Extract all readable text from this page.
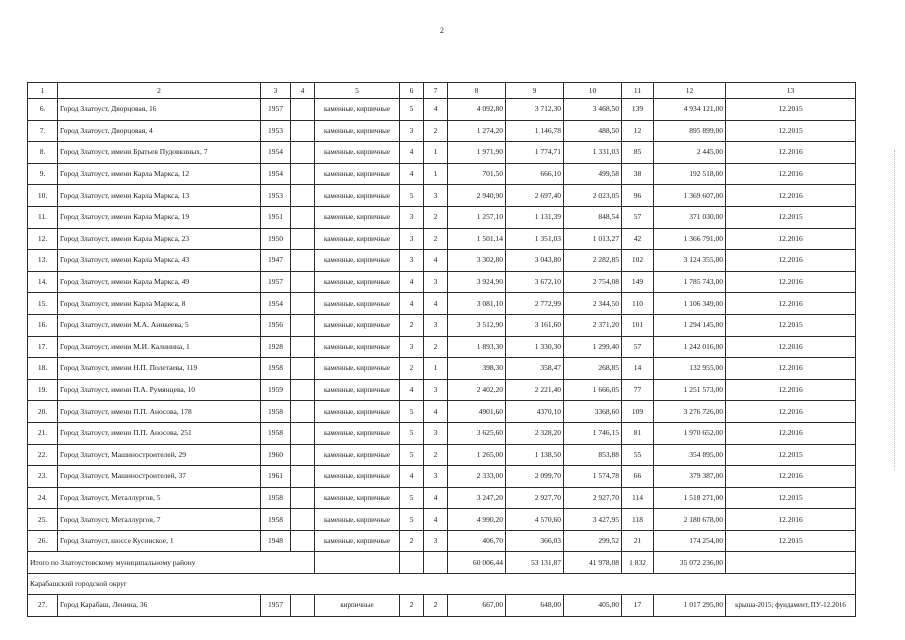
2
1	2	3	4	5	6	7	8	9	10	11	12	13
6.	Город Златоуст, Дворцовая, 16	1957		каменные, кирпичные	5	4	4 092,80	3 712,30	3 468,50	139	4 934 121,00	12.2015
7.	Город Златоуст, Дворцовая, 4	1953		каменные, кирпичные	3	2	1 274,20	1 146,78	488,50	12	895 899,00	12.2015
8.	Город Златоуст, имени Братьев Пудовкиных, 7	1954		каменные, кирпичные	4	1	1 971,90	1 774,71	1 331,03	85	2 445,00	12.2016
9.	Город Златоуст, имени Карла Маркса, 12	1954		каменные, кирпичные	4	1	701,50	666,10	499,58	38	192 518,00	12.2016
10.	Город Златоуст, имени Карла Маркса, 13	1953		каменные, кирпичные	5	3	2 940,90	2 697,40	2 023,05	96	1 369 607,00	12.2016
11.	Город Златоуст, имени Карла Маркса, 19	1951		каменные, кирпичные	3	2	1 257,10	1 131,39	848,54	57	371 030,00	12.2015
12.	Город Златоуст, имени Карла Маркса, 23	1950		каменные, кирпичные	3	2	1 501,14	1 351,03	1 013,27	42	1 366 791,00	12.2016
13.	Город Златоуст, имени Карла Маркса, 43	1947		каменные, кирпичные	3	4	3 302,80	3 043,80	2 282,85	102	3 124 355,00	12.2016
14.	Город Златоуст, имени Карла Маркса, 49	1957		каменные, кирпичные	4	3	3 924,90	3 672,10	2 754,08	149	1 785 743,00	12.2016
15.	Город Златоуст, имени Карла Маркса, 8	1954		каменные, кирпичные	4	4	3 081,10	2 772,99	2 344,50	110	1 106 349,00	12.2016
16.	Город Златоуст, имени М.А. Аникеева, 5	1956		каменные, кирпичные	2	3	3 512,90	3 161,60	2 371,20	101	1 294 145,00	12.2015
17.	Город Златоуст, имени М.И. Калинина, 1	1928		каменные, кирпичные	3	2	1 893,30	1 330,30	1 299,40	57	1 242 016,00	12.2016
18.	Город Златоуст, имени Н.П. Полетаева, 119	1958		каменные, кирпичные	2	1	398,30	358,47	268,85	14	132 955,00	12.2016
19.	Город Златоуст, имени П.А. Румянцева, 10	1959		каменные, кирпичные	4	3	2 402,20	2 221,40	1 666,05	77	1 251 573,00	12.2016
20.	Город Златоуст, имени П.П. Аносова, 178	1958		каменные, кирпичные	5	4	4901,60	4370,10	3368,60	109	3 276 726,00	12.2016
21.	Город Златоуст, имени П.П. Аносова, 251	1958		каменные, кирпичные	5	3	3 625,60	2 328,20	1 746,15	81	1 970 652,00	12.2016
22.	Город Златоуст, Машиностроителей, 29	1960		каменные, кирпичные	5	2	1 265,00	1 138,50	853,88	55	354 895,00	12.2015
23.	Город Златоуст, Машиностроителей, 37	1961		каменные, кирпичные	4	3	2 333,00	2 099,70	1 574,78	66	379 387,00	12.2016
24.	Город Златоуст, Металлургов, 5	1958		каменные, кирпичные	5	4	3 247,20	2 927,70	2 927,70	114	1 518 271,00	12.2015
25.	Город Златоуст, Металлургов, 7	1958		каменные, кирпичные	5	4	4 990,20	4 570,60	3 427,95	118	2 180 678,00	12.2016
26.	Город Златоуст, шоссе Кусинское, 1	1948		каменные, кирпичные	2	3	406,70	366,03	299,52	21	174 254,00	12.2015
Итого по Златоустовскому муниципальному району							60 006,44	53 131,87	41 978,08	1 832	35 072 236,00	
Карабашский городской округ												
27.	Город Карабаш, Ленина, 36	1957		кирпичные	2	2	667,00	648,00	405,00	17	1 017 295,00	крыша-2015; фундамент, ПУ-12.2016
